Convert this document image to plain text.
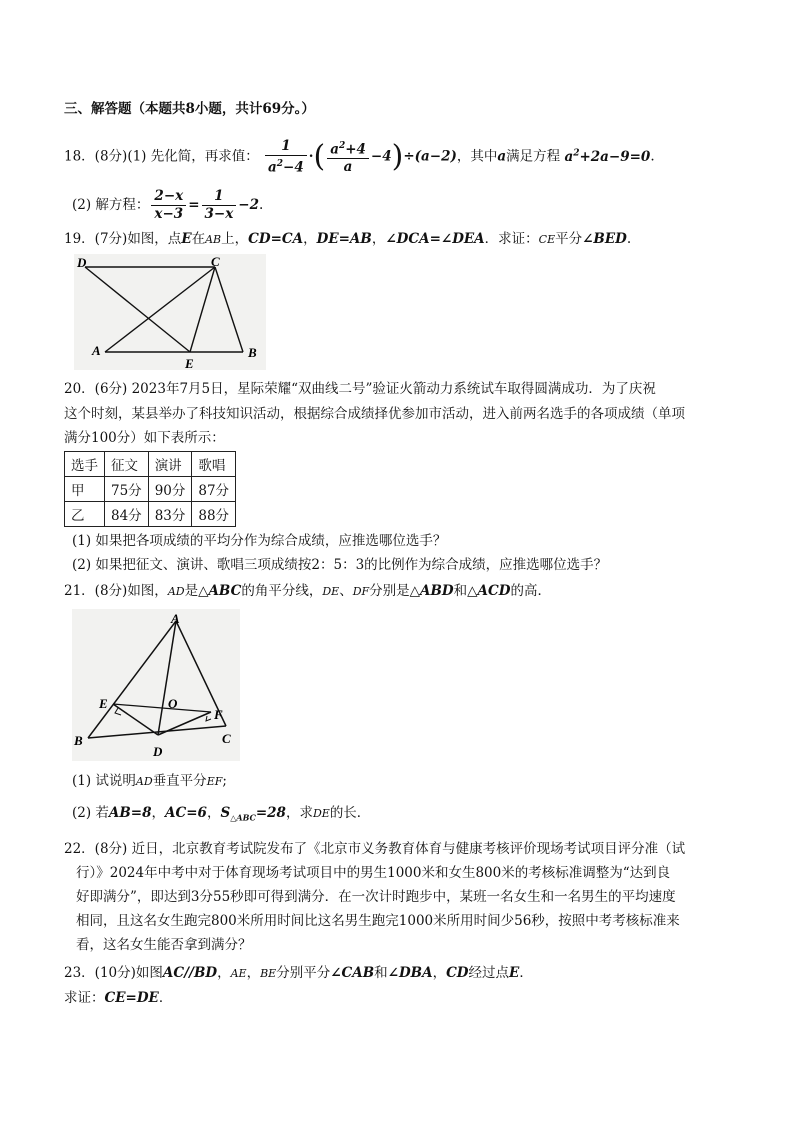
三、解答题（本题共8小题，共计69分。）
18．(8分)(1) 先化简，再求值： $\frac{1}{a^2-4}$ ·( $\frac{a^2+4}{a} -4)\div(a-2)$，其中a满足方程 $a^2+2a-9=0$.
(2) 解方程： $\frac{2-x}{x-3} = \frac{1}{3-x} -2$.
19．(7分)如图，点E在AB上，CD=CA，DE=AB，∠DCA=∠DEA．求证：CE平分∠BED.
D	C
A
E
B
20．(6分) 2023年7月5日，星际荣耀“双曲线二号”验证火箭动力系统试车取得圆满成功．为了庆祝
这个时刻，某县举办了科技知识活动，根据综合成绩择优参加市活动，进入前两名选手的各项成绩（单项
满分100分）如下表所示：
选手	征文	演讲	歌唱
甲	75分	90分	87分
乙	84分	83分	88分
(1) 如果把各项成绩的平均分作为综合成绩，应推选哪位选手？
(2) 如果把征文、演讲、歌唱三项成绩按2：5：3的比例作为综合成绩，应推选哪位选手？
21．(8分)如图，AD是△ABC的角平分线，DE、DF分别是△ABD和△ACD的高．
A
E	O
F
B
D
C
(1) 试说明AD垂直平分EF;
(2) 若AB=8，AC=6，$S_{\triangle ABC}=28$，求DE的长．
22．(8分) 近日，北京教育考试院发布了《北京市义务教育体育与健康考核评价现场考试项目评分准（试
行）》2024年中考中对于体育现场考试项目中的男生1000米和女生800米的考核标准调整为“达到良
好即满分”，即达到3分55秒即可得到满分．在一次计时跑步中，某班一名女生和一名男生的平均速度
相同，且这名女生跑完800米所用时间比这名男生跑完1000米所用时间少56秒，按照中考考核标准来
看，这名女生能否拿到满分？
23．(10分)如图AC//BD，AE，BE分别平分∠CAB和∠DBA，CD经过点E．
求证：CE=DE．
